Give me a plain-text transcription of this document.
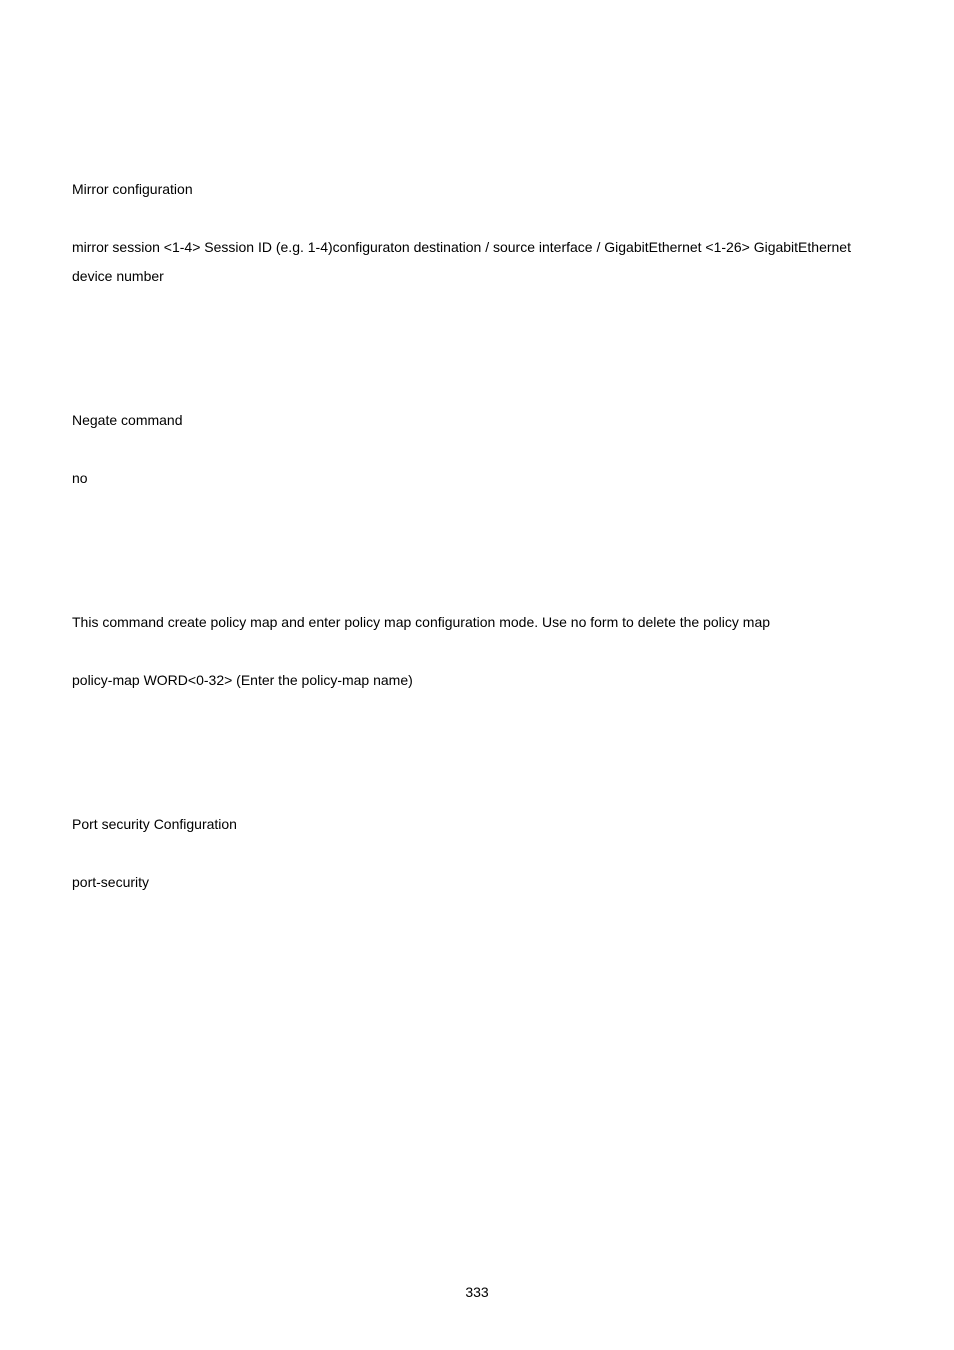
Mirror configuration
mirror session <1-4> Session ID (e.g. 1-4)configuraton destination / source interface / GigabitEthernet <1-26> GigabitEthernet device number
Negate command
no
This command create policy map and enter policy map configuration mode. Use no form to delete the policy map
policy-map WORD<0-32> (Enter the policy-map name)
Port security Configuration
port-security
333
